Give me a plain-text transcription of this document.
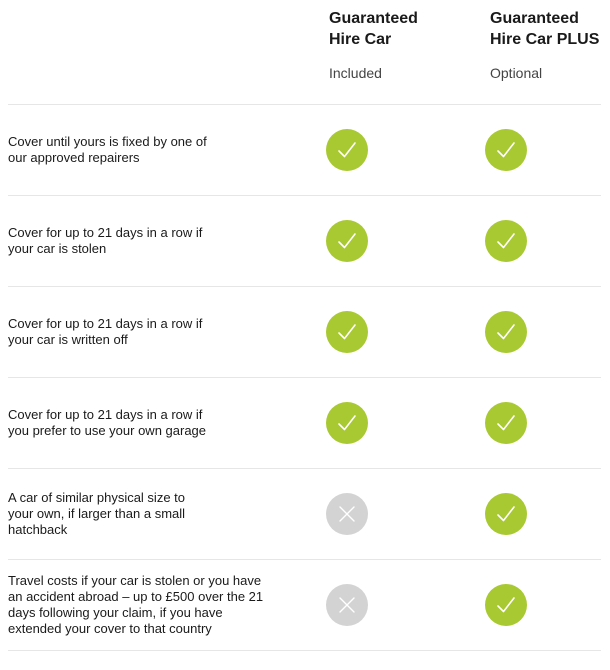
Guaranteed
Hire Car
Included
Guaranteed
Hire Car PLUS
Optional
Cover until yours is fixed by one of
our approved repairers
Cover for up to 21 days in a row if
your car is stolen
Cover for up to 21 days in a row if
your car is written off
Cover for up to 21 days in a row if
you prefer to use your own garage
A car of similar physical size to
your own, if larger than a small
hatchback
Travel costs if your car is stolen or you have
an accident abroad – up to £500 over the 21
days following your claim, if you have
extended your cover to that country
